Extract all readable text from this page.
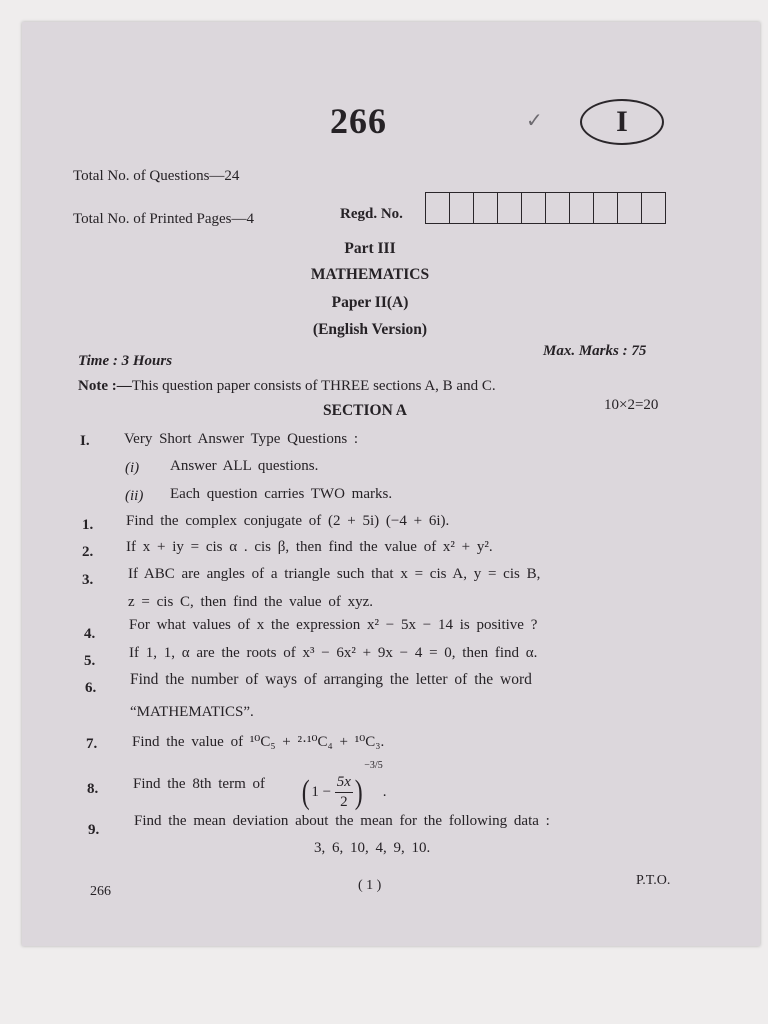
266	✓	I
Total No. of Questions—24
Total No. of Printed Pages—4	Regd. No.
Part III
MATHEMATICS
Paper II(A)
(English Version)
Time : 3 Hours
Max. Marks : 75
Note :—This question paper consists of THREE sections A, B and C.
SECTION A	10×2=20
I. Very Short Answer Type Questions :
(i) Answer ALL questions.
(ii) Each question carries TWO marks.
1. Find the complex conjugate of (2 + 5i) (−4 + 6i).
2. If x + iy = cis α . cis β, then find the value of x² + y².
3. If ABC are angles of a triangle such that x = cis A, y = cis B,
z = cis C, then find the value of xyz.
4.
For what values of x the expression x² − 5x − 14 is positive ?
5. If 1, 1, α are the roots of x³ − 6x² + 9x − 4 = 0, then find α.
6. Find the number of ways of arranging the letter of the word
“MATHEMATICS”.
7. Find the value of ¹⁰C₅ + ²·¹⁰C₄ + ¹⁰C₃.
8. Find the 8th term of ( $1 - \frac{5x}{2} )^{-3/5}$.
9.
Find the mean deviation about the mean for the following data :
3, 6, 10, 4, 9, 10.
266	( 1 )	P.T.O.
